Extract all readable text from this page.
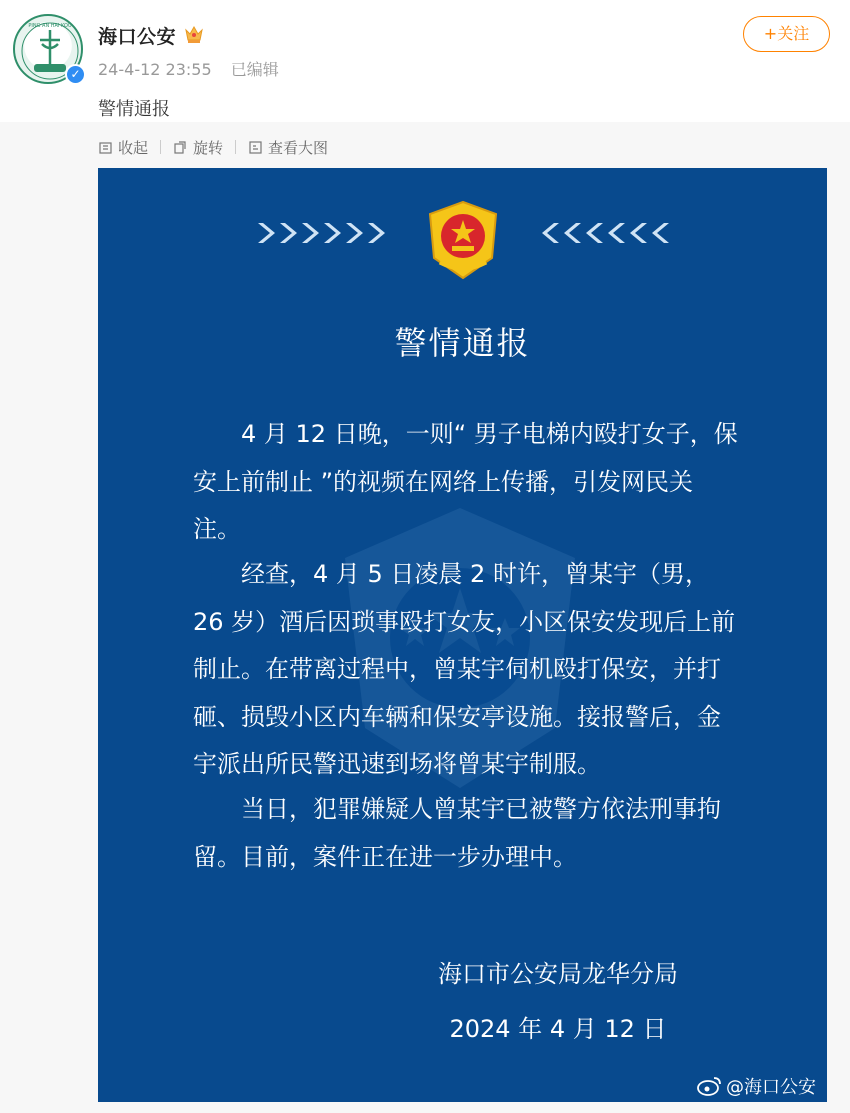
PING AN HAI KOU
✓
海口公安
24-4-12 23:55 已编辑
+关注
警情通报
收起	旋转	查看大图
警情通报
　　4 月 12 日晚，一则“ 男子电梯内殴打女子，保安上前制止 ”的视频在网络上传播，引发网民关注。
　　经查，4 月 5 日凌晨 2 时许，曾某宇（男，26 岁）酒后因琐事殴打女友，小区保安发现后上前制止。在带离过程中，曾某宇伺机殴打保安，并打砸、损毁小区内车辆和保安亭设施。接报警后，金宇派出所民警迅速到场将曾某宇制服。
　　当日，犯罪嫌疑人曾某宇已被警方依法刑事拘留。目前，案件正在进一步办理中。
海口市公安局龙华分局
2024 年 4 月 12 日
@海口公安
